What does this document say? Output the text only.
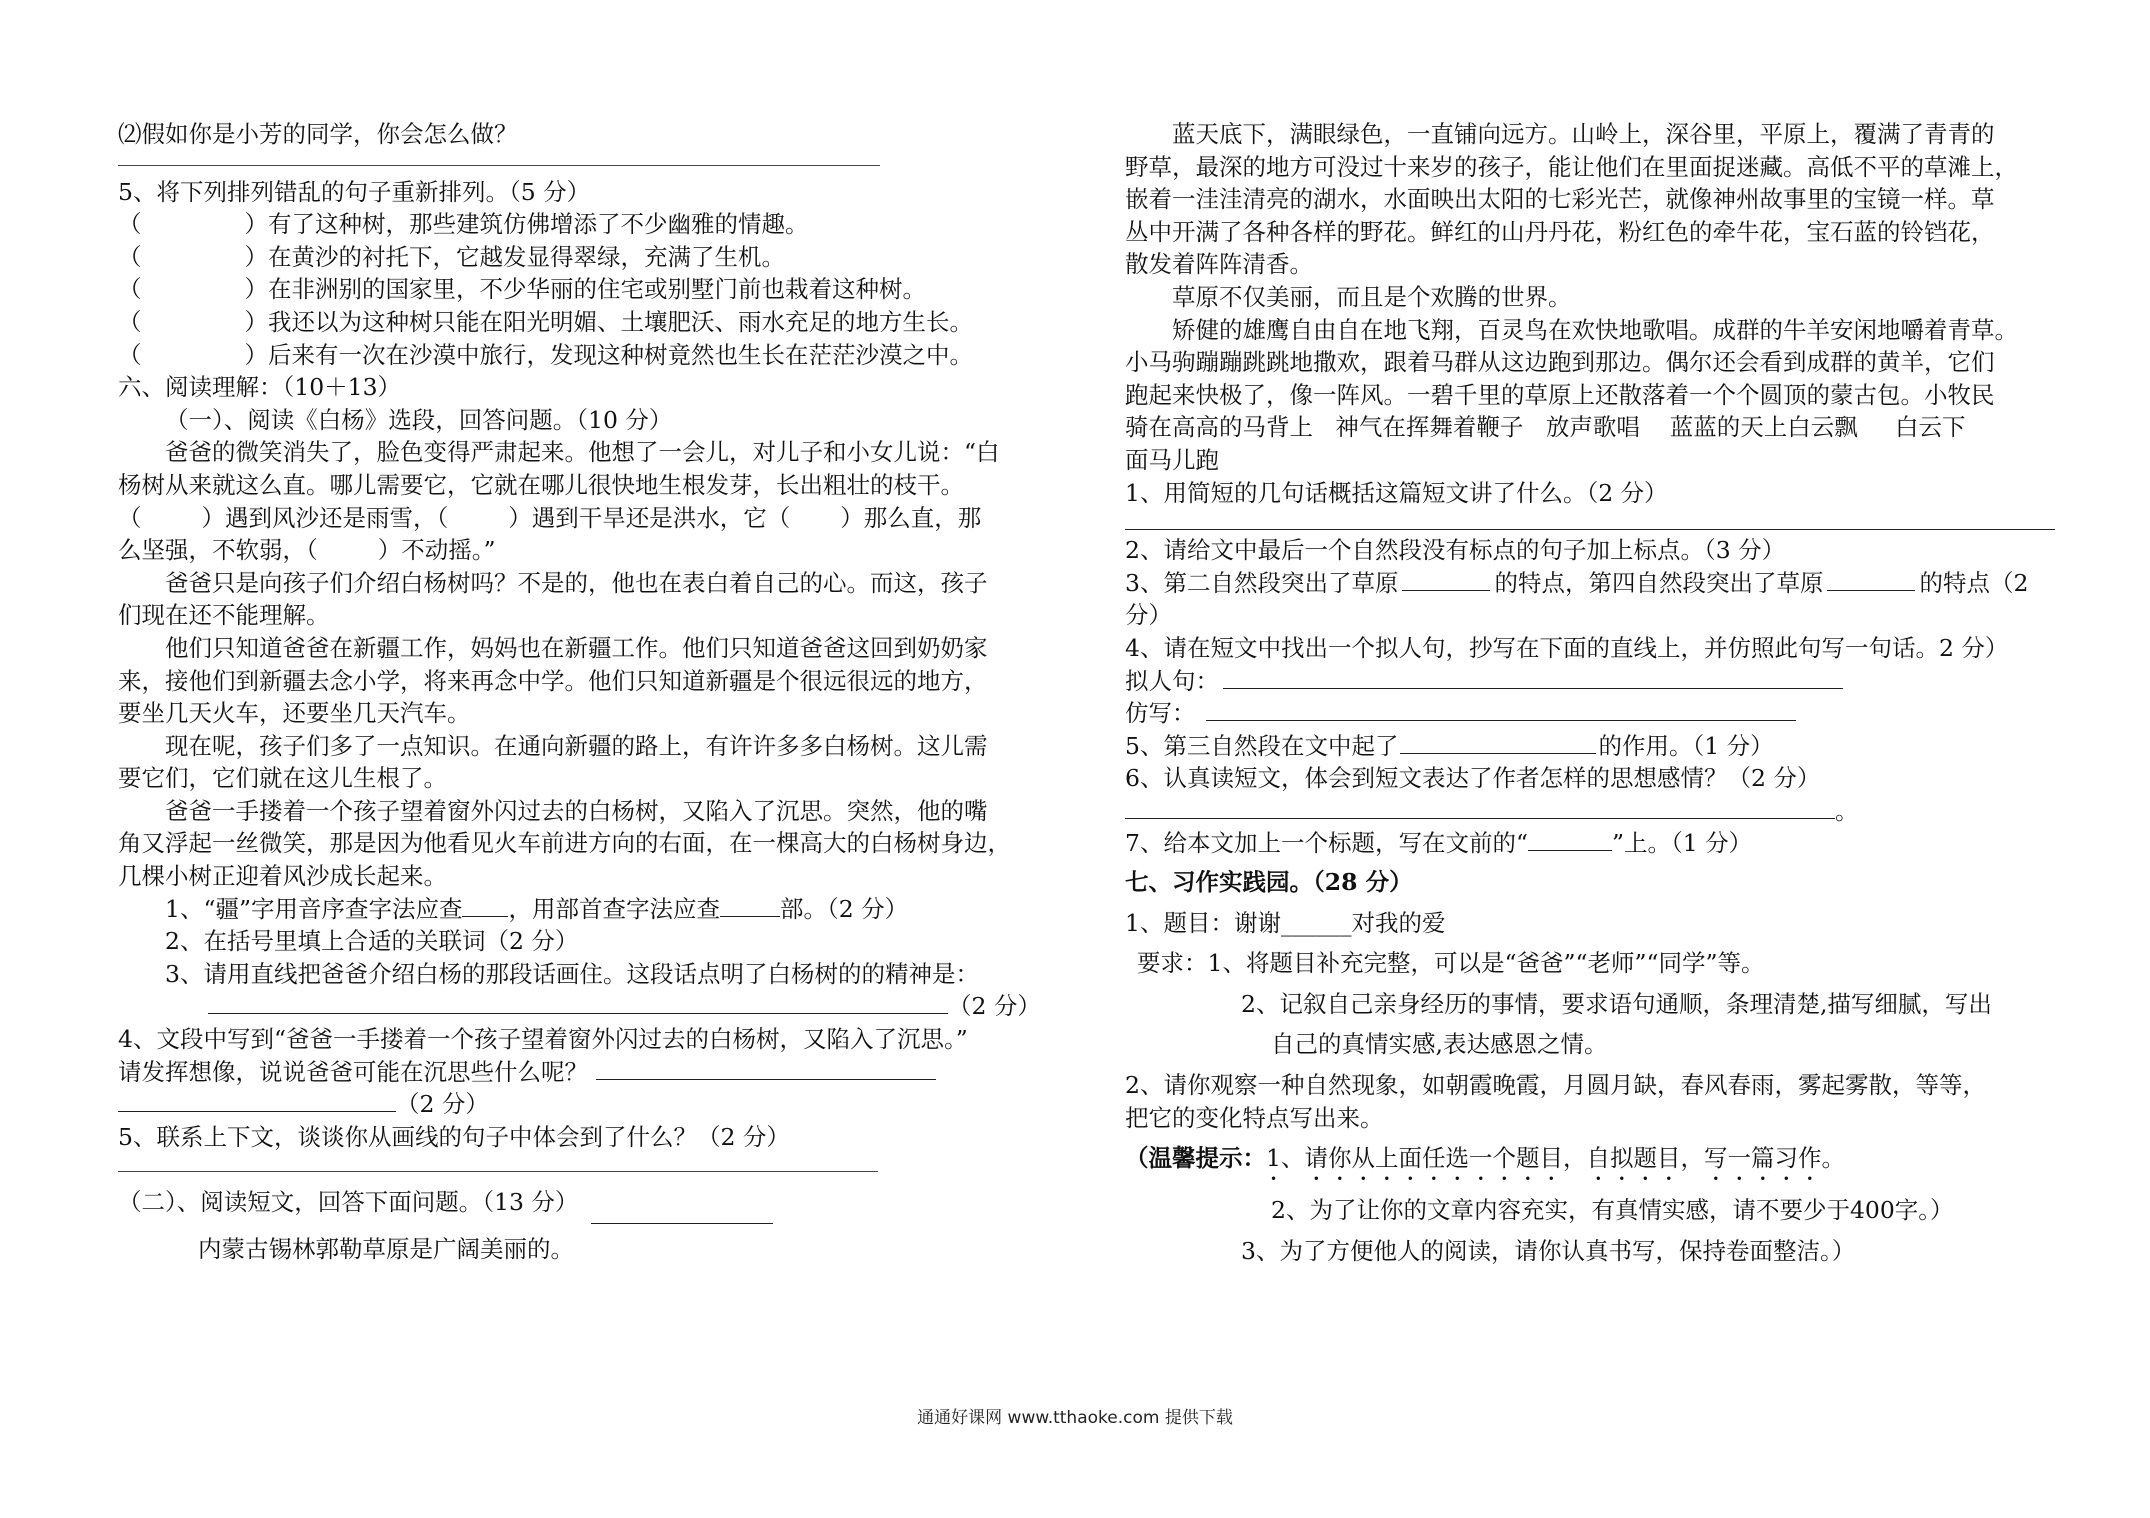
⑵假如你是小芳的同学，你会怎么做？

5、将下列排列错乱的句子重新排列。（5 分）

（	）有了这种树，那些建筑仿佛增添了不少幽雅的情趣。

（	）在黄沙的衬托下，它越发显得翠绿，充满了生机。

（	）在非洲别的国家里，不少华丽的住宅或别墅门前也栽着这种树。

（	）我还以为这种树只能在阳光明媚、土壤肥沃、雨水充足的地方生长。

（	）后来有一次在沙漠中旅行，发现这种树竟然也生长在茫茫沙漠之中。

六、阅读理解：（10＋13）

（一）、阅读《白杨》选段，回答问题。（10 分）

爸爸的微笑消失了，脸色变得严肃起来。他想了一会儿，对儿子和小女儿说：“白

杨树从来就这么直。哪儿需要它，它就在哪儿很快地生根发芽，长出粗壮的枝干。

（	）遇到风沙还是雨雪，（	）遇到干旱还是洪水，它（ ）那么直，那

么坚强，不软弱，（	）不动摇。”

爸爸只是向孩子们介绍白杨树吗？不是的，他也在表白着自己的心。而这，孩子

们现在还不能理解。

他们只知道爸爸在新疆工作，妈妈也在新疆工作。他们只知道爸爸这回到奶奶家

来，接他们到新疆去念小学，将来再念中学。他们只知道新疆是个很远很远的地方，

要坐几天火车，还要坐几天汽车。

现在呢，孩子们多了一点知识。在通向新疆的路上，有许许多多白杨树。这儿需

要它们，它们就在这儿生根了。

爸爸一手搂着一个孩子望着窗外闪过去的白杨树，又陷入了沉思。突然，他的嘴

角又浮起一丝微笑，那是因为他看见火车前进方向的右面，在一棵高大的白杨树身边，

几棵小树正迎着风沙成长起来。

1、“疆”字用音序查字法应查 ，用部首查字法应查	部。（2 分）

2、在括号里填上合适的关联词（2 分）

3、请用直线把爸爸介绍白杨的那段话画住。这段话点明了白杨树的的精神是：

（2 分）

4、文段中写到“爸爸一手搂着一个孩子望着窗外闪过去的白杨树，又陷入了沉思。”

请发挥想像，说说爸爸可能在沉思些什么呢？

（2 分）

5、联系上下文，谈谈你从画线的句子中体会到了什么？（2 分）

（二）、阅读短文，回答下面问题。（13 分）

内蒙古锡林郭勒草原是广阔美丽的。

蓝天底下，满眼绿色，一直铺向远方。山岭上，深谷里，平原上，覆满了青青的

野草，最深的地方可没过十来岁的孩子，能让他们在里面捉迷藏。高低不平的草滩上，

嵌着一洼洼清亮的湖水，水面映出太阳的七彩光芒，就像神州故事里的宝镜一样。草

丛中开满了各种各样的野花。鲜红的山丹丹花，粉红色的牵牛花，宝石蓝的铃铛花，

散发着阵阵清香。

草原不仅美丽，而且是个欢腾的世界。

矫健的雄鹰自由自在地飞翔，百灵鸟在欢快地歌唱。成群的牛羊安闲地嚼着青草。

小马驹蹦蹦跳跳地撒欢，跟着马群从这边跑到那边。偶尔还会看到成群的黄羊，它们

跑起来快极了，像一阵风。一碧千里的草原上还散落着一个个圆顶的蒙古包。小牧民

骑在高高的马背上   神气在挥舞着鞭子   放声歌唱    蓝蓝的天上白云飘     白云下

面马儿跑

1、用简短的几句话概括这篇短文讲了什么。（2 分）

2、请给文中最后一个自然段没有标点的句子加上标点。（3 分）

3、第二自然段突出了草原	的特点，第四自然段突出了草原	的特点（2

分）

4、请在短文中找出一个拟人句，抄写在下面的直线上，并仿照此句写一句话。2 分）

拟人句：

仿写：

5、第三自然段在文中起了	的作用。（1 分）

6、认真读短文，体会到短文表达了作者怎样的思想感情？（2 分）

。

7、给本文加上一个标题，写在文前的“	”上。（1 分）

七、习作实践园。（28 分）

1、题目：谢谢______对我的爱

要求：1、将题目补充完整，可以是“爸爸”“老师”“同学”等。

2、记叙自己亲身经历的事情，要求语句通顺，条理清楚,描写细腻，写出

自己的真情实感,表达感恩之情。

2、请你观察一种自然现象，如朝霞晚霞，月圆月缺，春风春雨，雾起雾散，等等，

把它的变化特点写出来。

（温馨提示：1、请你从上面任选一个题目，自拟题目，写一篇习作。

2、为了让你的文章内容充实，有真情实感，请不要少于400字。）

3、为了方便他人的阅读，请你认真书写，保持卷面整洁。）

通通好课网 www.tthaoke.com 提供下载
